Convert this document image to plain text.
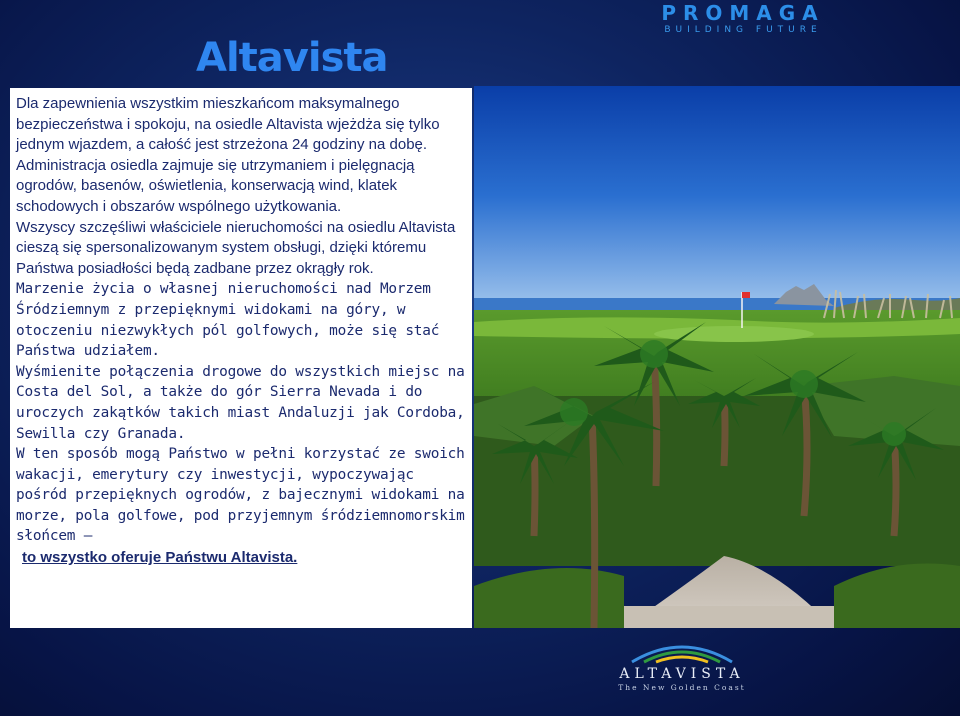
PROMAGA
BUILDING FUTURE
Altavista

Dla zapewnienia wszystkim mieszkańcom maksymalnego bezpieczeństwa i spokoju, na osiedle Altavista wjeżdża się tylko jednym wjazdem, a całość jest strzeżona 24 godziny na dobę.

Administracja osiedla zajmuje się utrzymaniem i pielęgnacją ogrodów, basenów, oświetlenia, konserwacją wind, klatek schodowych i obszarów wspólnego użytkowania.

Wszyscy szczęśliwi właściciele nieruchomości na osiedlu Altavista cieszą się spersonalizowanym system obsługi, dzięki któremu Państwa posiadłości będą zadbane przez okrągły rok.

Marzenie życia o własnej nieruchomości nad Morzem Śródziemnym z przepięknymi widokami na góry, w otoczeniu niezwykłych pól golfowych, może się stać Państwa udziałem.

Wyśmienite połączenia drogowe do wszystkich miejsc na Costa del Sol, a także do gór Sierra Nevada i do uroczych zakątków takich miast Andaluzji jak Cordoba, Sewilla czy Granada.

W ten sposób mogą Państwo w pełni korzystać ze swoich wakacji, emerytury czy inwestycji, wypoczywając pośród przepięknych ogrodów, z bajecznymi widokami na morze, pola golfowe, pod przyjemnym śródziemnomorskim słońcem –

to wszystko oferuje Państwu Altavista.

ALTAVISTA
The New Golden Coast
